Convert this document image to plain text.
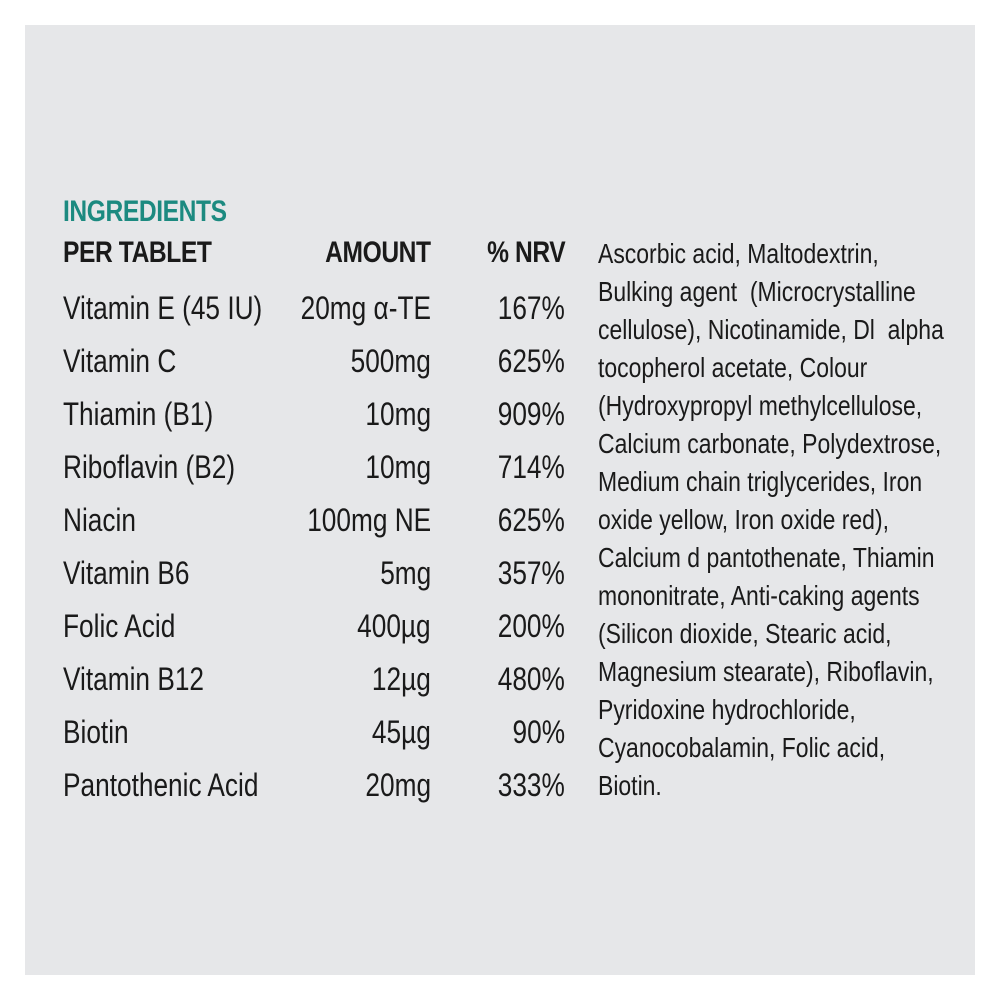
INGREDIENTS
PER TABLET	AMOUNT % NRV
Vitamin E (45 IU) 20mg α-TE 167%
Vitamin C	500mg 625%
Thiamin (B1)	10mg 909%
Riboflavin (B2)	10mg 714%
Niacin	100mg NE 625%
Vitamin B6	5mg 357%
Folic Acid	400µg 200%
Vitamin B12	12µg 480%
Biotin	45µg	90%
Pantothenic Acid	20mg 333%
Ascorbic acid, Maltodextrin,
Bulking agent  (Microcrystalline
cellulose), Nicotinamide, Dl  alpha
tocopherol acetate, Colour
(Hydroxypropyl methylcellulose,
Calcium carbonate, Polydextrose,
Medium chain triglycerides, Iron
oxide yellow, Iron oxide red),
Calcium d pantothenate, Thiamin
mononitrate, Anti-caking agents
(Silicon dioxide, Stearic acid,
Magnesium stearate), Riboflavin,
Pyridoxine hydrochloride,
Cyanocobalamin, Folic acid,
Biotin.
